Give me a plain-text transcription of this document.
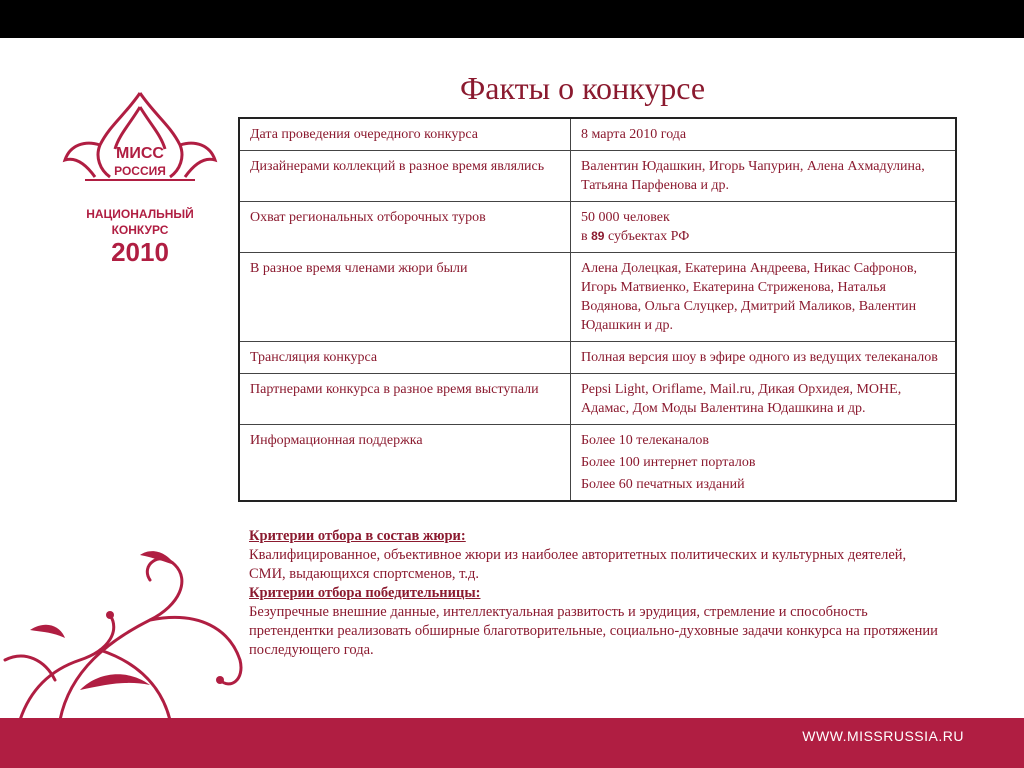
МИСС
РОССИЯ
НАЦИОНАЛЬНЫЙ
КОНКУРС
2010
Факты о конкурсе
Дата проведения очередного конкурса	8 марта 2010 года
Дизайнерами коллекций в разное время являлись	Валентин Юдашкин, Игорь Чапурин, Алена Ахмадулина, Татьяна Парфенова и др.
Охват региональных отборочных туров	50 000 человек
в 89 субъектах РФ

В разное время членами жюри были	Алена Долецкая, Екатерина Андреева, Никас Сафронов, Игорь Матвиенко, Екатерина Стриженова, Наталья Водянова, Ольга Слуцкер, Дмитрий Маликов, Валентин Юдашкин и др.
Трансляция конкурса	Полная версия шоу в эфире одного из ведущих телеканалов
Партнерами конкурса в разное время выступали	Pepsi Light, Oriflame, Mail.ru, Дикая Орхидея, МОНЕ, Адамас, Дом Моды Валентина Юдашкина и др.
Информационная поддержка	Более 10 телеканалов
Более 100 интернет порталов
Более 60 печатных изданий
Критерии отбора в состав жюри:
Квалифицированное, объективное жюри из наиболее авторитетных политических и культурных деятелей, СМИ, выдающихся спортсменов, т.д.
Критерии отбора победительницы:
Безупречные внешние данные, интеллектуальная развитость и эрудиция, стремление и способность претендентки реализовать обширные благотворительные, социально-духовные задачи конкурса на протяжении последующего года.
WWW.MISSRUSSIA.RU
